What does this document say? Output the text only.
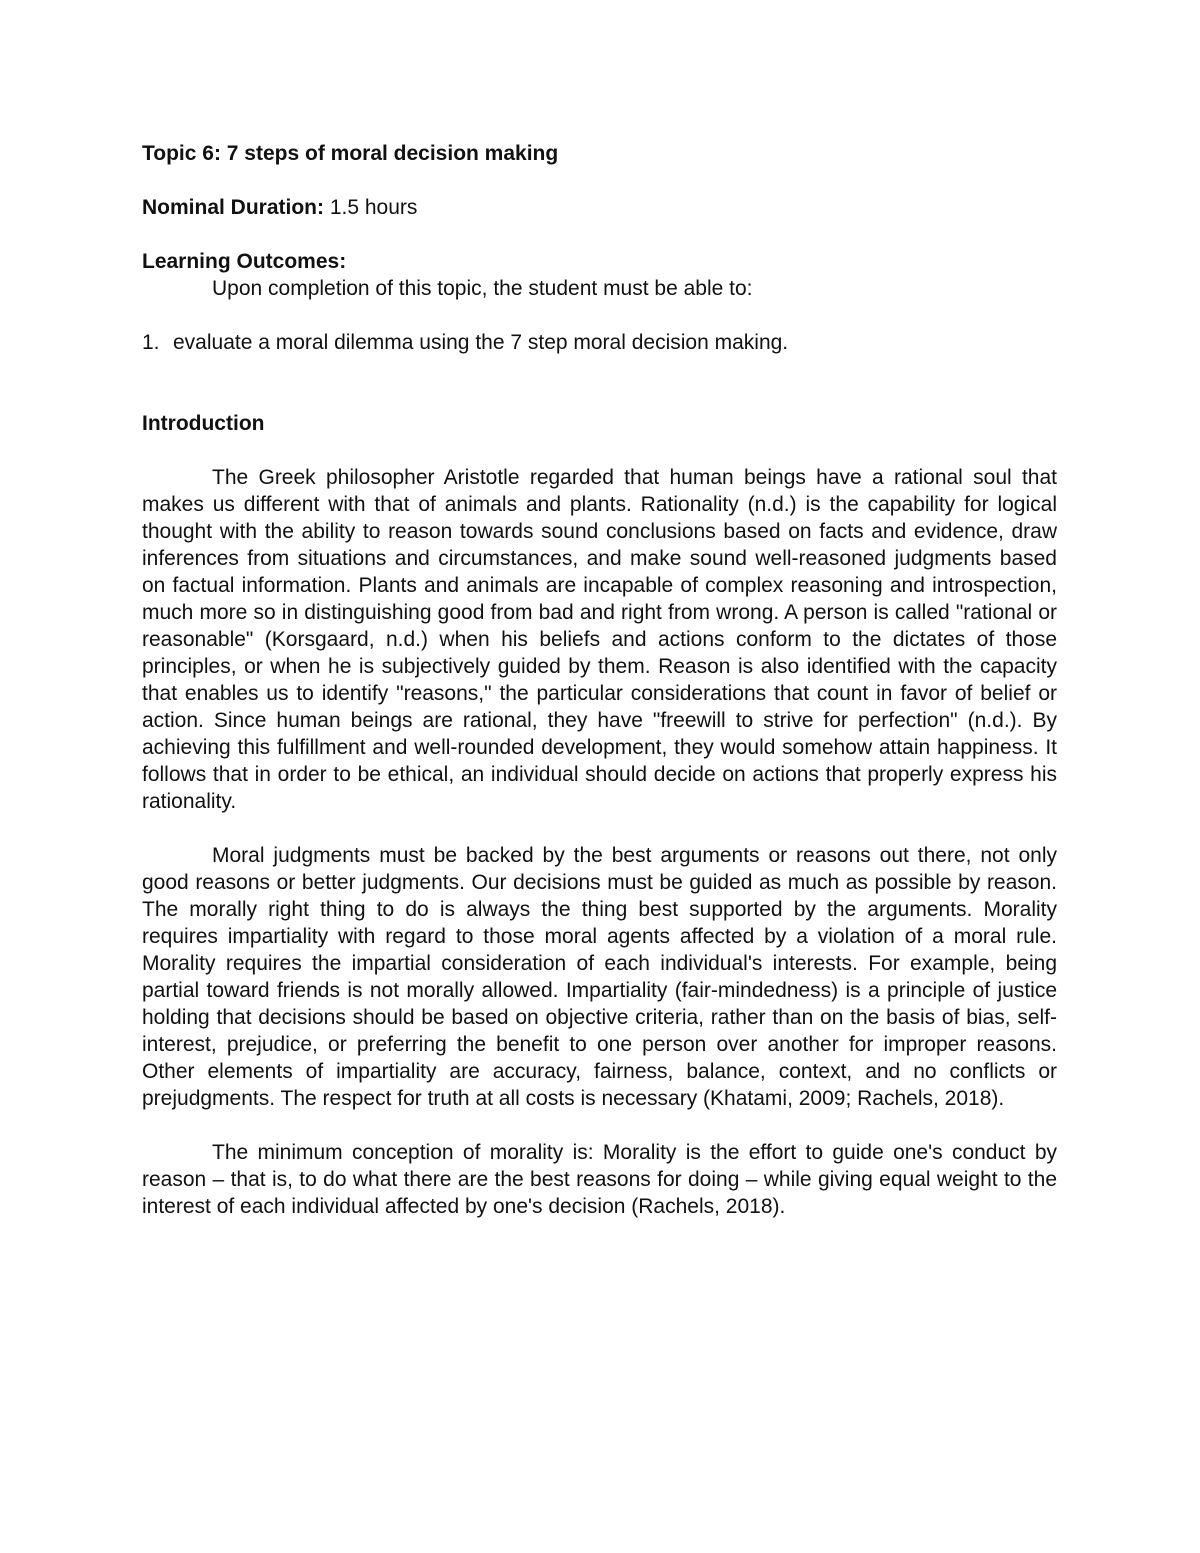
Topic 6: 7 steps of moral decision making

Nominal Duration: 1.5 hours

Learning Outcomes:

Upon completion of this topic, the student must be able to:

1. evaluate a moral dilemma using the 7 step moral decision making.

Introduction

The Greek philosopher Aristotle regarded that human beings have a rational soul that makes us different with that of animals and plants. Rationality (n.d.) is the capability for logical thought with the ability to reason towards sound conclusions based on facts and evidence, draw inferences from situations and circumstances, and make sound well-reasoned judgments based on factual information. Plants and animals are incapable of complex reasoning and introspection, much more so in distinguishing good from bad and right from wrong. A person is called "rational or reasonable" (Korsgaard, n.d.) when his beliefs and actions conform to the dictates of those principles, or when he is subjectively guided by them. Reason is also identified with the capacity that enables us to identify "reasons," the particular considerations that count in favor of belief or action. Since human beings are rational, they have "freewill to strive for perfection" (n.d.). By achieving this fulfillment and well-rounded development, they would somehow attain happiness. It follows that in order to be ethical, an individual should decide on actions that properly express his rationality.

Moral judgments must be backed by the best arguments or reasons out there, not only good reasons or better judgments. Our decisions must be guided as much as possible by reason. The morally right thing to do is always the thing best supported by the arguments. Morality requires impartiality with regard to those moral agents affected by a violation of a moral rule. Morality requires the impartial consideration of each individual's interests. For example, being partial toward friends is not morally allowed. Impartiality (fair-mindedness) is a principle of justice holding that decisions should be based on objective criteria, rather than on the basis of bias, self-interest, prejudice, or preferring the benefit to one person over another for improper reasons. Other elements of impartiality are accuracy, fairness, balance, context, and no conflicts or prejudgments. The respect for truth at all costs is necessary (Khatami, 2009; Rachels, 2018).

The minimum conception of morality is: Morality is the effort to guide one's conduct by reason – that is, to do what there are the best reasons for doing – while giving equal weight to the interest of each individual affected by one's decision (Rachels, 2018).
